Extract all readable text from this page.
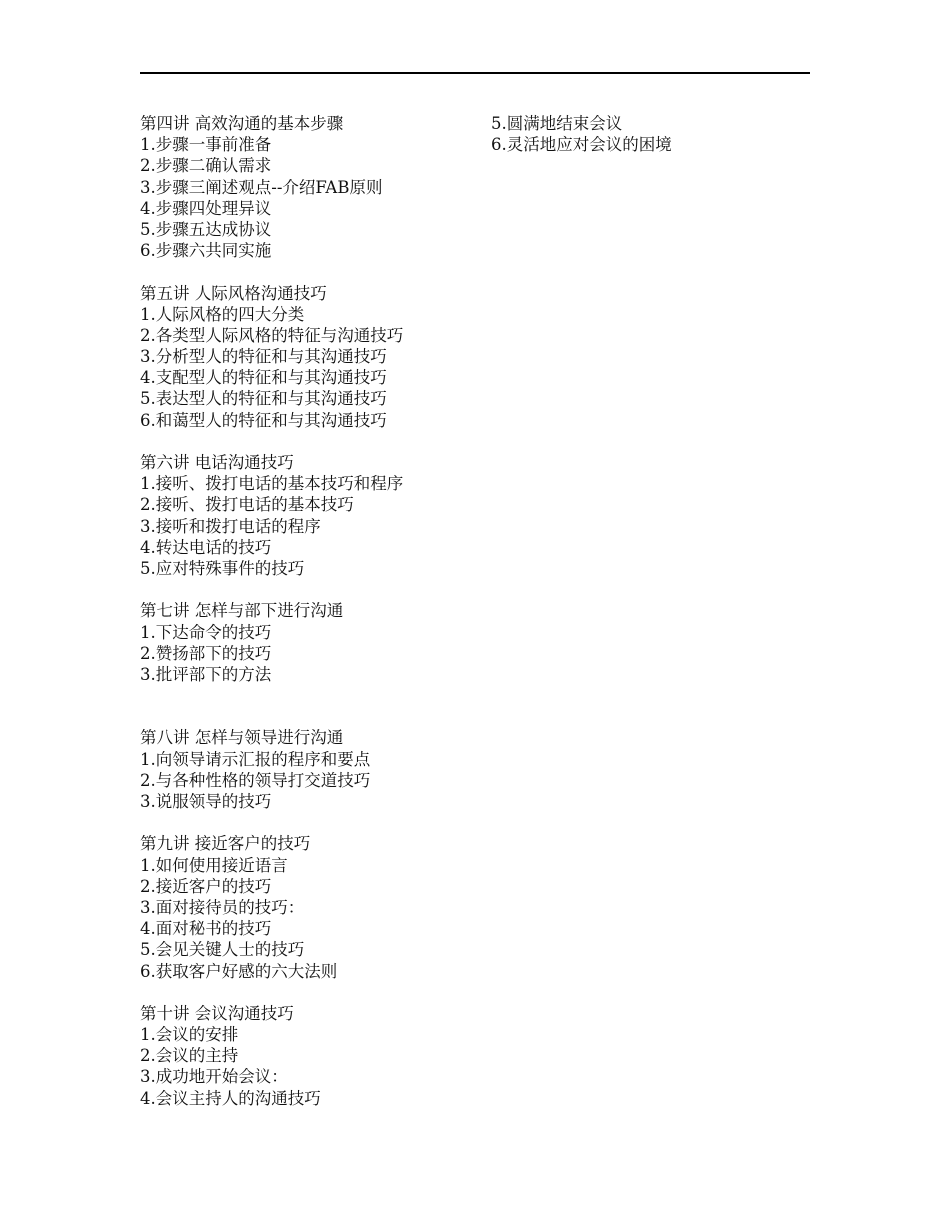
第四讲 高效沟通的基本步骤
1.步骤一事前准备
2.步骤二确认需求
3.步骤三阐述观点--介绍FAB原则
4.步骤四处理异议
5.步骤五达成协议
6.步骤六共同实施
第五讲 人际风格沟通技巧
1.人际风格的四大分类
2.各类型人际风格的特征与沟通技巧
3.分析型人的特征和与其沟通技巧
4.支配型人的特征和与其沟通技巧
5.表达型人的特征和与其沟通技巧
6.和蔼型人的特征和与其沟通技巧
第六讲 电话沟通技巧
1.接听、拨打电话的基本技巧和程序
2.接听、拨打电话的基本技巧
3.接听和拨打电话的程序
4.转达电话的技巧
5.应对特殊事件的技巧
第七讲 怎样与部下进行沟通
1.下达命令的技巧
2.赞扬部下的技巧
3.批评部下的方法
第八讲 怎样与领导进行沟通
1.向领导请示汇报的程序和要点
2.与各种性格的领导打交道技巧
3.说服领导的技巧
第九讲 接近客户的技巧
1.如何使用接近语言
2.接近客户的技巧
3.面对接待员的技巧：
4.面对秘书的技巧
5.会见关键人士的技巧
6.获取客户好感的六大法则
第十讲 会议沟通技巧
1.会议的安排
2.会议的主持
3.成功地开始会议：
4.会议主持人的沟通技巧
5.圆满地结束会议
6.灵活地应对会议的困境
